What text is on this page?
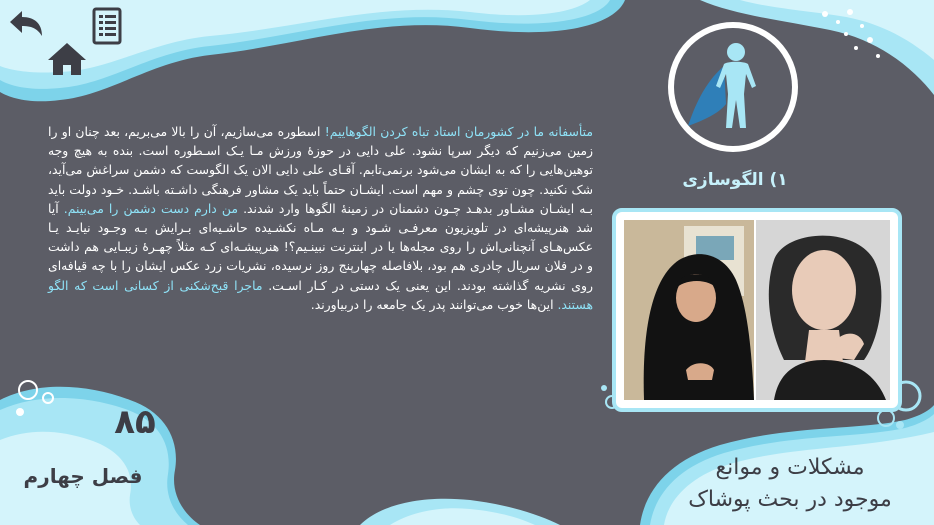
۱) الگوسازی
متأسفانه ما در کشورمان استاد تباه کردن الگوهاییم! اسطوره می‌سازیم، آن را بالا می‌بریم، بعد چنان او را زمین می‌زنیم که دیگر سرپا نشود. علی دایی در حوزهٔ ورزش مـا یـک اسـطوره است. بنده به هیچ وجه توهین‌هایی را که به ایشان می‌شود برنمی‌تابم. آقـای علی دایی الان یک الگوست که دشمن سراغش می‌آید، شک نکنید. چون توی چشم و مهم است. ایشـان حتماً باید یک مشاور فرهنگی داشـته باشـد. خـود دولت باید بـه ایشـان مشـاور بدهـد چـون دشمنان در زمینهٔ الگوها وارد شدند. من دارم دست دشمن را می‌بینم. آیا شد هنرپیشه‌ای در تلویزیون معرفـی شـود و بـه مـاه نکشـیده حاشـیه‌ای بـرایش بـه وجـود نیایـد یـا عکس‌هـای آنچنانی‌اش را روی مجله‌ها یا در اینترنت نبینـیم؟! هنرپیشـه‌ای کـه مثلاً چهـرهٔ زیبـایی هم داشت و در فلان سریال چادری هم بود، بلافاصله چهارپنج روز نرسیده، نشریات زرد عکس ایشان را با چه قیافه‌ای روی نشریه گذاشته بودند. این یعنی یک دستی در کـار اسـت. ماجرا قبح‌شکنی از کسانی است که الگو هستند. این‌ها خوب می‌توانند پدر یک جامعه را دربیاورند.
۸۵
فصل چهارم	مشکلات و موانع
موجود در بحث پوشاک
